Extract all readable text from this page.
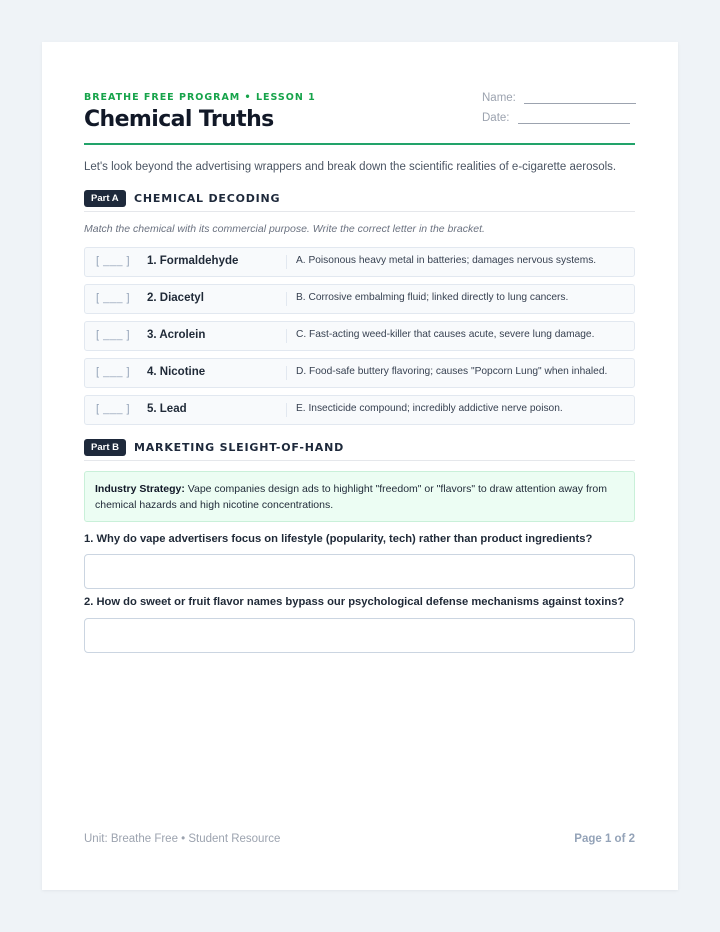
BREATHE FREE PROGRAM • LESSON 1
Chemical Truths
Name:
Date:

Let's look beyond the advertising wrappers and break down the scientific realities of e-cigarette aerosols.

Part A	CHEMICAL DECODING

Match the chemical with its commercial purpose. Write the correct letter in the bracket.

[ ___ ] 1. Formaldehyde	A. Poisonous heavy metal in batteries; damages nervous systems.
[ ___ ] 2. Diacetyl	B. Corrosive embalming fluid; linked directly to lung cancers.
[ ___ ] 3. Acrolein	C. Fast-acting weed-killer that causes acute, severe lung damage.
[ ___ ] 4. Nicotine	D. Food-safe buttery flavoring; causes "Popcorn Lung" when inhaled.
[ ___ ] 5. Lead	E. Insecticide compound; incredibly addictive nerve poison.
Part B	MARKETING SLEIGHT-OF-HAND
Industry Strategy: Vape companies design ads to highlight "freedom" or "flavors" to draw attention away from chemical hazards and high nicotine concentrations.

1. Why do vape advertisers focus on lifestyle (popularity, tech) rather than product ingredients?

2. How do sweet or fruit flavor names bypass our psychological defense mechanisms against toxins?

Unit: Breathe Free • Student Resource	Page 1 of 2
